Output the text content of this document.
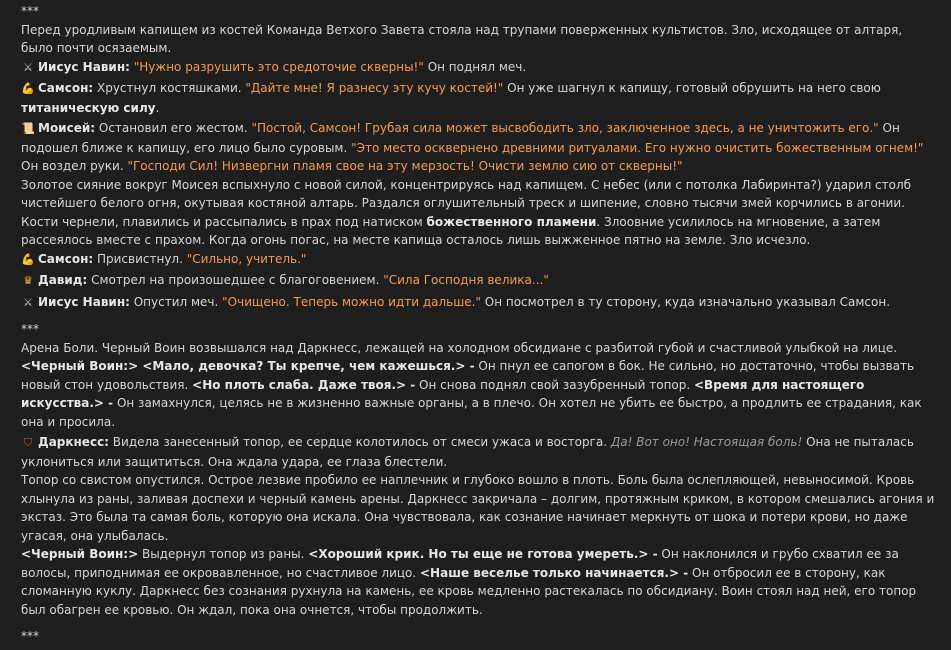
***
Перед уродливым капищем из костей Команда Ветхого Завета стояла над трупами поверженных культистов. Зло, исходящее от алтаря, было почти осязаемым.
⚔ Иисус Навин: "Нужно разрушить это средоточие скверны!" Он поднял меч.
💪 Самсон: Хрустнул костяшками. "Дайте мне! Я разнесу эту кучу костей!" Он уже шагнул к капищу, готовый обрушить на него свою титаническую силу.
📜 Моисей: Остановил его жестом. "Постой, Самсон! Грубая сила может высвободить зло, заключенное здесь, а не уничтожить его." Он подошел ближе к капищу, его лицо было суровым. "Это место осквернено древними ритуалами. Его нужно очистить божественным огнем!" Он воздел руки. "Господи Сил! Низвергни пламя свое на эту мерзость! Очисти землю сию от скверны!"
Золотое сияние вокруг Моисея вспыхнуло с новой силой, концентрируясь над капищем. С небес (или с потолка Лабиринта?) ударил столб чистейшего белого огня, окутывая костяной алтарь. Раздался оглушительный треск и шипение, словно тысячи змей корчились в агонии. Кости чернели, плавились и рассыпались в прах под натиском божественного пламени. Злоовние усилилось на мгновение, а затем рассеялось вместе с прахом. Когда огонь погас, на месте капища осталось лишь выжженное пятно на земле. Зло исчезло.
💪 Самсон: Присвистнул. "Сильно, учитель."
♛ Давид: Смотрел на произошедшее с благоговением. "Сила Господня велика..."
⚔ Иисус Навин: Опустил меч. "Очищено. Теперь можно идти дальше." Он посмотрел в ту сторону, куда изначально указывал Самсон.
***
Арена Боли. Черный Воин возвышался над Даркнесс, лежащей на холодном обсидиане с разбитой губой и счастливой улыбкой на лице.
<Черный Воин:> <Мало, девочка? Ты крепче, чем кажешься.> - Он пнул ее сапогом в бок. Не сильно, но достаточно, чтобы вызвать новый стон удовольствия. <Но плоть слаба. Даже твоя.> - Он снова поднял свой зазубренный топор. <Время для настоящего искусства.> - Он замахнулся, целясь не в жизненно важные органы, а в плечо. Он хотел не убить ее быстро, а продлить ее страдания, как она и просила.
⛉ Даркнесс: Видела занесенный топор, ее сердце колотилось от смеси ужаса и восторга. Да! Вот оно! Настоящая боль! Она не пыталась уклониться или защититься. Она ждала удара, ее глаза блестели.
Топор со свистом опустился. Острое лезвие пробило ее наплечник и глубоко вошло в плоть. Боль была ослепляющей, невыносимой. Кровь хлынула из раны, заливая доспехи и черный камень арены. Даркнесс закричала – долгим, протяжным криком, в котором смешались агония и экстаз. Это была та самая боль, которую она искала. Она чувствовала, как сознание начинает меркнуть от шока и потери крови, но даже угасая, она улыбалась.
<Черный Воин:> Выдернул топор из раны. <Хороший крик. Но ты еще не готова умереть.> - Он наклонился и грубо схватил ее за волосы, приподнимая ее окровавленное, но счастливое лицо. <Наше веселье только начинается.> - Он отбросил ее в сторону, как сломанную куклу. Даркнесс без сознания рухнула на камень, ее кровь медленно растекалась по обсидиану. Воин стоял над ней, его топор был обагрен ее кровью. Он ждал, пока она очнется, чтобы продолжить.
***
